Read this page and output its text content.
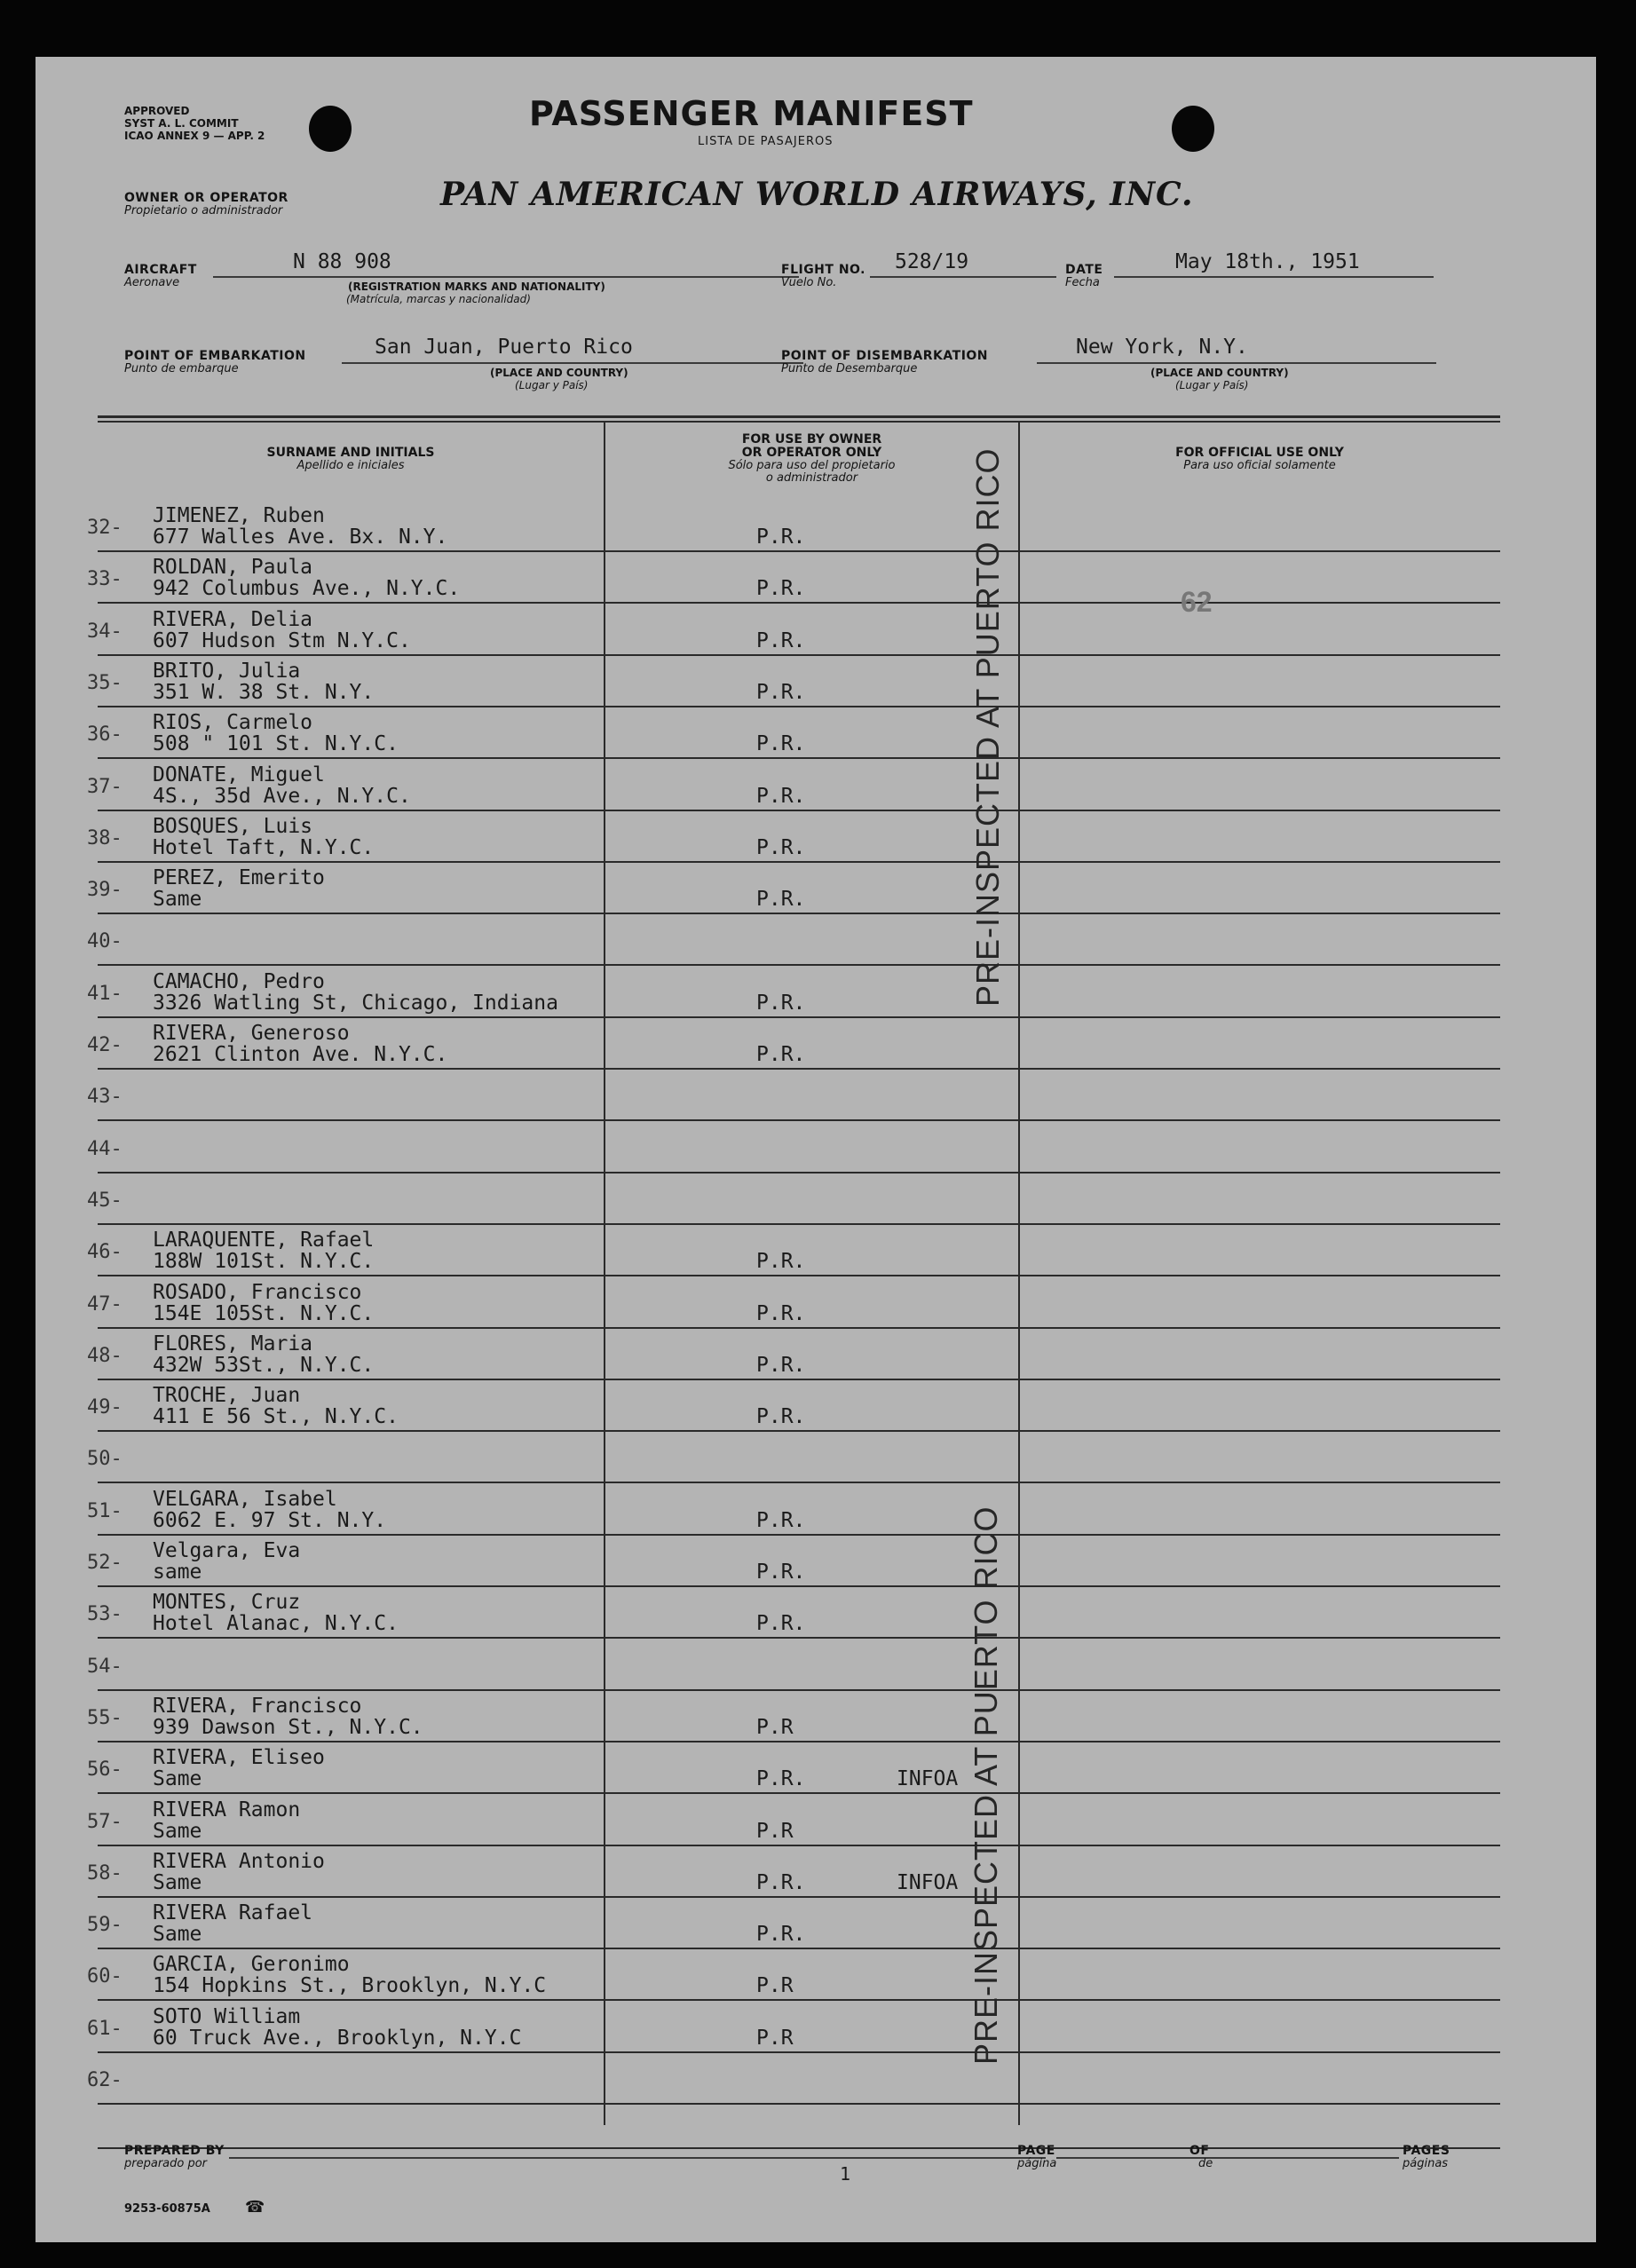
APPROVED
SYST A. L. COMMIT
ICAO ANNEX 9 — APP. 2
PASSENGER MANIFEST
LISTA DE PASAJEROS
OWNER OR OPERATOR
Propietario o administrador	PAN AMERICAN WORLD AIRWAYS, INC.
AIRCRAFT
Aeronave
N 88 908
(REGISTRATION MARKS AND NATIONALITY)
(Matrícula, marcas y nacionalidad)
FLIGHT NO.
Vuelo No.
528/19	DATE
Fecha
May 18th., 1951
POINT OF EMBARKATION
Punto de embarque
San Juan, Puerto Rico
(PLACE AND COUNTRY)
(Lugar y País)
POINT OF DISEMBARKATION
Punto de Desembarque
New York, N.Y.
(PLACE AND COUNTRY)
(Lugar y País)
SURNAME AND INITIALS
Apellido e iniciales
FOR USE BY OWNER
OR OPERATOR ONLY
Sólo para uso del propietario
o administrador
FOR OFFICIAL USE ONLY
Para uso oficial solamente
32-
JIMENEZ, Ruben
677 Walles Ave. Bx. N.Y.	P.R.
33-
ROLDAN, Paula
942 Columbus Ave., N.Y.C.	P.R.
34-
RIVERA, Delia
607 Hudson Stm N.Y.C.	P.R.
35-
BRITO, Julia
351 W. 38 St. N.Y.	P.R.
36-
RIOS, Carmelo
508 " 101 St. N.Y.C.	P.R.
37-
DONATE, Miguel
4S., 35d Ave., N.Y.C.	P.R.
38-
BOSQUES, Luis
Hotel Taft, N.Y.C.	P.R.
39-
PEREZ, Emerito
Same	P.R.
40-
41-
CAMACHO, Pedro
3326 Watling St, Chicago, Indiana	P.R.
42-
RIVERA, Generoso
2621 Clinton Ave. N.Y.C.	P.R.
43-
44-
45-
46-
LARAQUENTE, Rafael
188W 101St. N.Y.C.	P.R.
47-
ROSADO, Francisco
154E 105St. N.Y.C.	P.R.
48-
FLORES, Maria
432W 53St., N.Y.C.	P.R.
49-
TROCHE, Juan
411 E 56 St., N.Y.C.	P.R.
50-
51-
VELGARA, Isabel
6062 E. 97 St. N.Y.	P.R.
52-
Velgara, Eva
same	P.R.
53-
MONTES, Cruz
Hotel Alanac, N.Y.C.	P.R.
54-
55-
RIVERA, Francisco
939 Dawson St., N.Y.C.	P.R
56-
RIVERA, Eliseo
Same	P.R.	INFOA
57-
RIVERA Ramon
Same	P.R
58-
RIVERA Antonio
Same	P.R.	INFOA
59-
RIVERA Rafael
Same	P.R.
60-
GARCIA, Geronimo
154 Hopkins St., Brooklyn, N.Y.C	P.R
61-
SOTO William
60 Truck Ave., Brooklyn, N.Y.C	P.R
62-
62
PRE-INSPECTED AT PUERTO RICO
PRE-INSPECTED AT PUERTO RICO
PREPARED BY
preparado por
PAGE
página
1
OF
de
PAGES
páginas
9253-60875A ☎
